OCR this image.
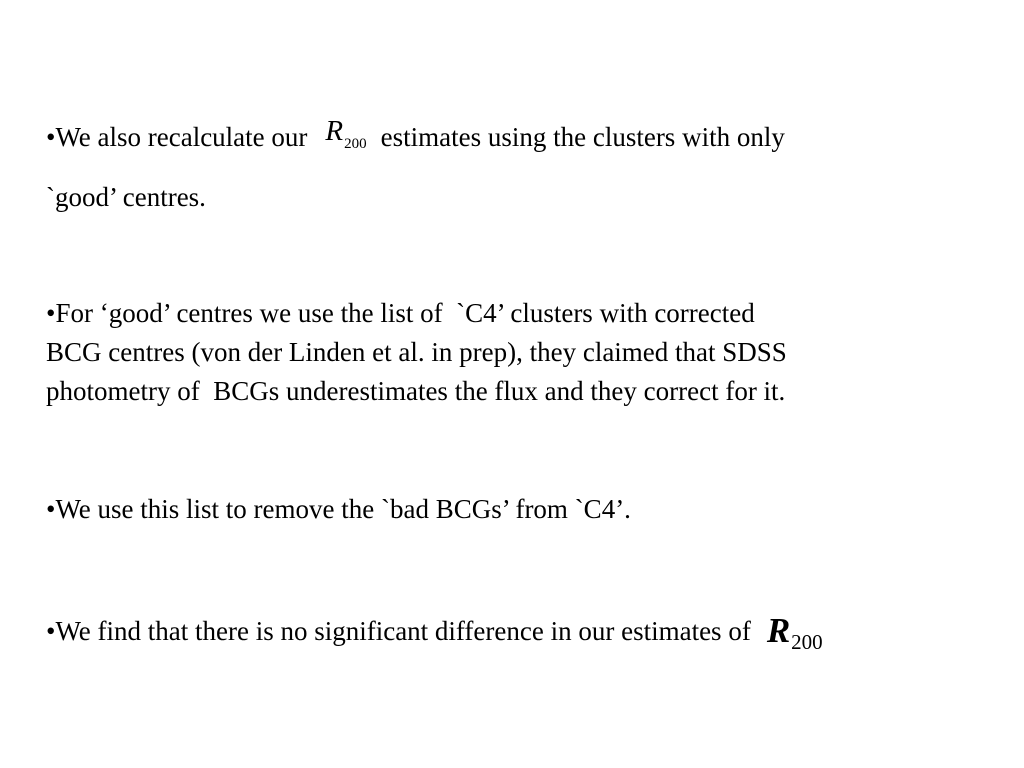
•We also recalculate our $R_{200}$ estimates using the clusters with only
`good’ centres.
•For ‘good’ centres we use the list of  `C4’ clusters with corrected
BCG centres (von der Linden et al. in prep), they claimed that SDSS
photometry of  BCGs underestimates the flux and they correct for it.
•We use this list to remove the `bad BCGs’ from `C4’.
•We find that there is no significant difference in our estimates of $R_{200}$
